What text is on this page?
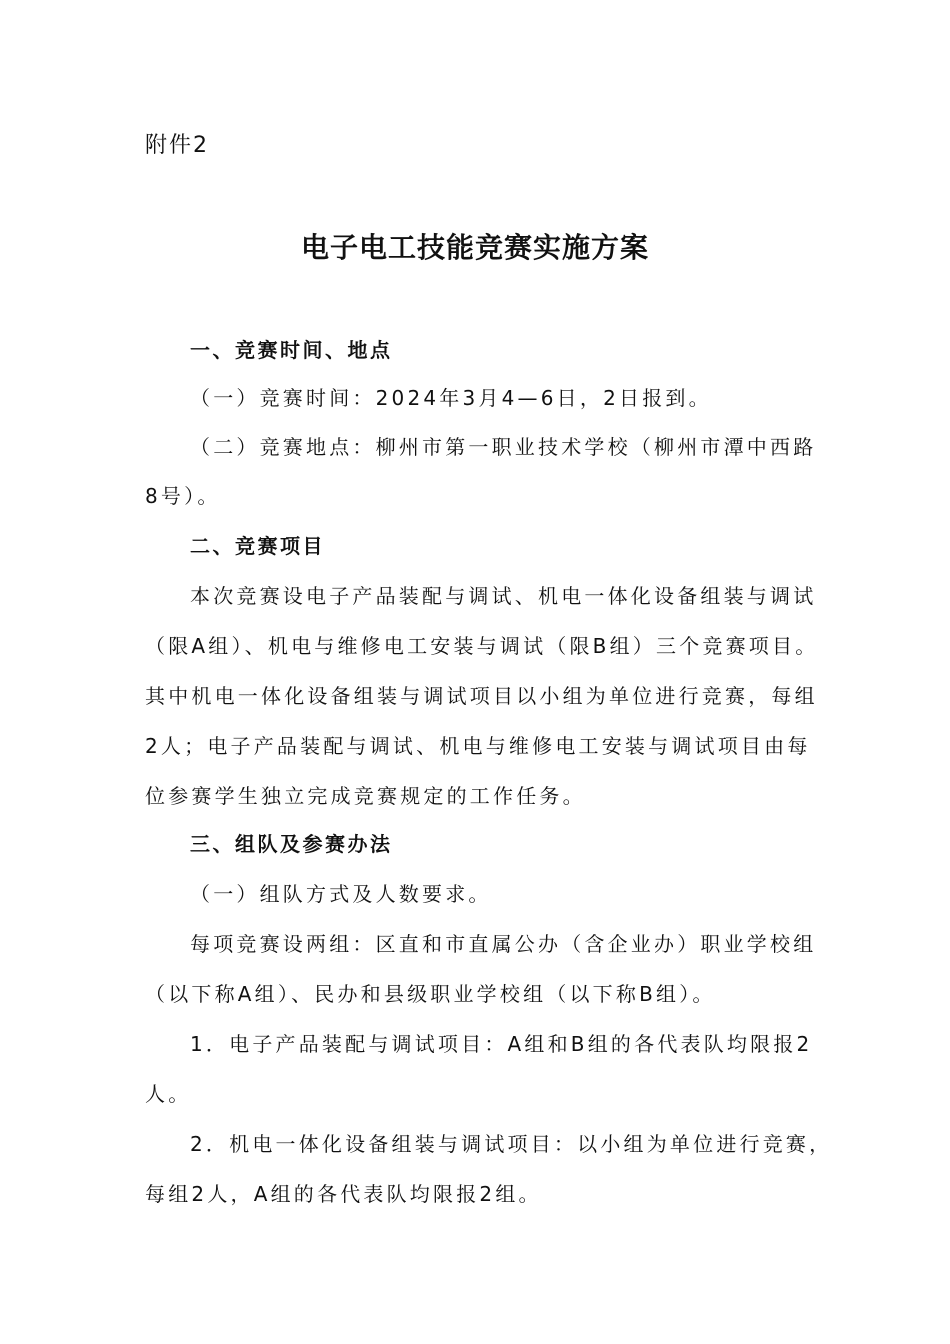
附件2
电子电工技能竞赛实施方案
一、竞赛时间、地点
（一）竞赛时间：2024年3月4—6日，2日报到。
（二）竞赛地点：柳州市第一职业技术学校（柳州市潭中西路
8号）。
二、竞赛项目
本次竞赛设电子产品装配与调试、机电一体化设备组装与调试
（限A组）、机电与维修电工安装与调试（限B组）三个竞赛项目。
其中机电一体化设备组装与调试项目以小组为单位进行竞赛，每组
2人；电子产品装配与调试、机电与维修电工安装与调试项目由每
位参赛学生独立完成竞赛规定的工作任务。
三、组队及参赛办法
（一）组队方式及人数要求。
每项竞赛设两组：区直和市直属公办（含企业办）职业学校组
（以下称A组）、民办和县级职业学校组（以下称B组）。
1．电子产品装配与调试项目：A组和B组的各代表队均限报2
人。
2．机电一体化设备组装与调试项目：以小组为单位进行竞赛，
每组2人，A组的各代表队均限报2组。
